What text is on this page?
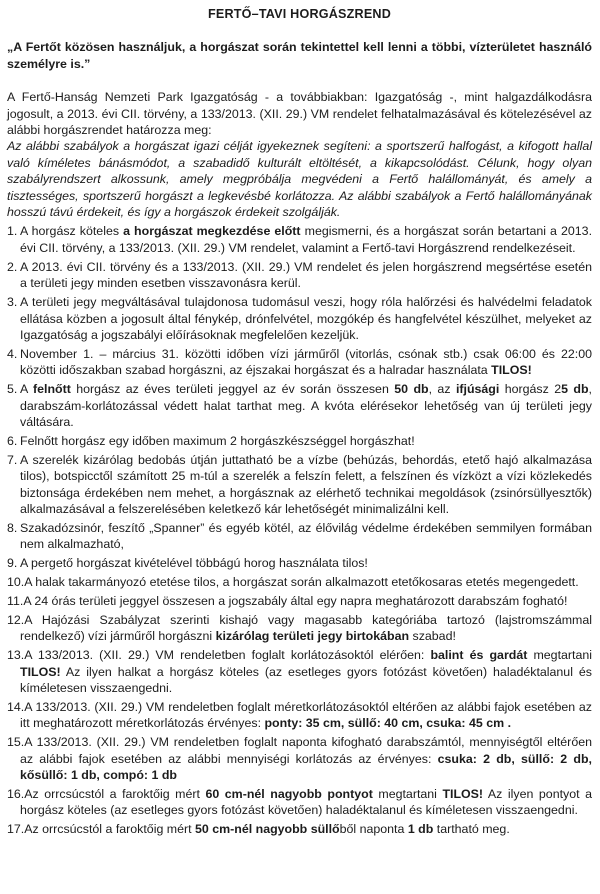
FERTŐ–TAVI HORGÁSZREND

„A Fertőt közösen használjuk, a horgászat során tekintettel kell lenni a többi, vízterületet használó személyre is.”

A Fertő-Hanság Nemzeti Park Igazgatóság - a továbbiakban: Igazgatóság -, mint halgazdálkodásra jogosult, a 2013. évi CII. törvény, a 133/2013. (XII. 29.) VM rendelet felhatalmazásával és kötelezésével az alábbi horgászrendet határozza meg:

Az alábbi szabályok a horgászat igazi célját igyekeznek segíteni: a sportszerű halfogást, a kifogott hallal való kíméletes bánásmódot, a szabadidő kulturált eltöltését, a kikapcsolódást. Célunk, hogy olyan szabályrendszert alkossunk, amely megpróbálja megvédeni a Fertő halállományát, és amely a tisztességes, sportszerű horgászt a legkevésbé korlátozza. Az alábbi szabályok a Fertő halállományának hosszú távú érdekeit, és így a horgászok érdekeit szolgálják.

1. A horgász köteles a horgászat megkezdése előtt megismerni, és a horgászat során betartani a 2013. évi CII. törvény, a 133/2013. (XII. 29.) VM rendelet, valamint a Fertő-tavi Horgászrend rendelkezéseit.
2. A 2013. évi CII. törvény és a 133/2013. (XII. 29.) VM rendelet és jelen horgászrend megsértése esetén a területi jegy minden esetben visszavonásra kerül.
3. A területi jegy megváltásával tulajdonosa tudomásul veszi, hogy róla halőrzési és halvédelmi feladatok ellátása közben a jogosult által fénykép, drónfelvétel, mozgókép és hangfelvétel készülhet, melyeket az Igazgatóság a jogszabályi előírásoknak megfelelően kezeljük.
4. November 1. – március 31. közötti időben vízi járműről (vitorlás, csónak stb.) csak 06:00 és 22:00 közötti időszakban szabad horgászni, az éjszakai horgászat és a halradar használata TILOS!
5. A felnőtt horgász az éves területi jeggyel az év során összesen 50 db, az ifjúsági horgász 25 db, darabszám-korlátozással védett halat tarthat meg. A kvóta elérésekor lehetőség van új területi jegy váltására.
6. Felnőtt horgász egy időben maximum 2 horgászkészséggel horgászhat!
7. A szerelék kizárólag bedobás útján juttatható be a vízbe (behúzás, behordás, etető hajó alkalmazása tilos), botspicctől számított 25 m-túl a szerelék a felszín felett, a felszínen és vízközt a vízi közlekedés biztonsága érdekében nem mehet, a horgásznak az elérhető technikai megoldások (zsinórsüllyesztők) alkalmazásával a felszerelésében keletkező kár lehetőségét minimalizálni kell.
8. Szakadózsinór, feszítő „Spanner” és egyéb kötél, az élővilág védelme érdekében semmilyen formában nem alkalmazható,
9. A pergető horgászat kivételével többágú horog használata tilos!
10.A halak takarmányozó etetése tilos, a horgászat során alkalmazott etetőkosaras etetés megengedett.
11.A 24 órás területi jeggyel összesen a jogszabály által egy napra meghatározott darabszám fogható!
12.A Hajózási Szabályzat szerinti kishajó vagy magasabb kategóriába tartozó (lajstromszámmal rendelkező) vízi járműről horgászni kizárólag területi jegy birtokában szabad!
13.A 133/2013. (XII. 29.) VM rendeletben foglalt korlátozásoktól elérően: balint és gardát megtartani TILOS! Az ilyen halkat a horgász köteles (az esetleges gyors fotózást követően) haladéktalanul és kíméletesen visszaengedni.
14.A 133/2013. (XII. 29.) VM rendeletben foglalt méretkorlátozásoktól eltérően az alábbi fajok esetében az itt meghatározott méretkorlátozás érvényes: ponty: 35 cm, süllő: 40 cm, csuka: 45 cm .
15.A 133/2013. (XII. 29.) VM rendeletben foglalt naponta kifogható darabszámtól, mennyiségtől eltérően az alábbi fajok esetében az alábbi mennyiségi korlátozás az érvényes: csuka: 2 db, süllő: 2 db, kősüllő: 1 db, compó: 1 db
16.Az orrcsúcstól a faroktőig mért 60 cm-nél nagyobb pontyot megtartani TILOS! Az ilyen pontyot a horgász köteles (az esetleges gyors fotózást követően) haladéktalanul és kíméletesen visszaengedni.
17.Az orrcsúcstól a faroktőig mért 50 cm-nél nagyobb süllőből naponta 1 db tartható meg.
